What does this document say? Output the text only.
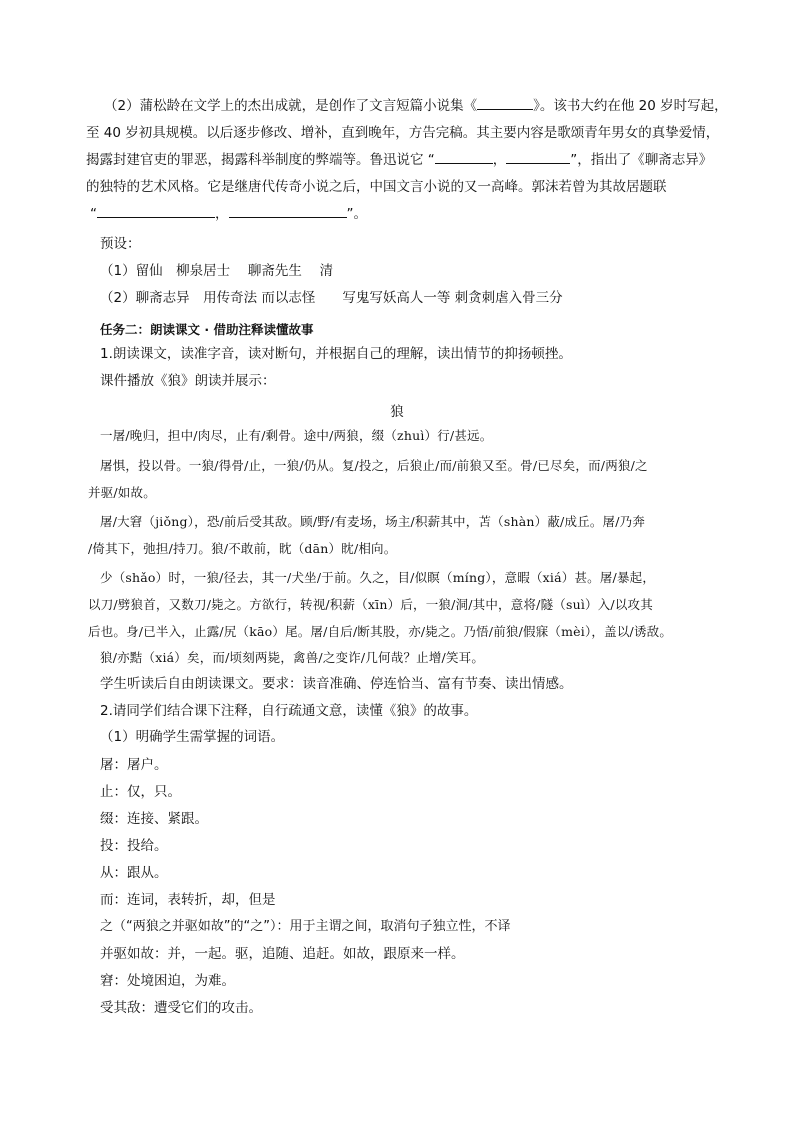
（2）蒲松龄在文学上的杰出成就，是创作了文言短篇小说集《	》。该书大约在他 20 岁时写起，
至 40 岁初具规模。以后逐步修改、增补，直到晚年，方告完稿。其主要内容是歌颂青年男女的真挚爱情，
揭露封建官吏的罪恶，揭露科举制度的弊端等。鲁迅说它 “	，	”，指出了《聊斋志异》
的独特的艺术风格。它是继唐代传奇小说之后，中国文言小说的又一高峰。郭沫若曾为其故居题联
“	，	”。
预设：
（1）留仙　柳泉居士　 聊斋先生　 清
（2）聊斋志异　用传奇法 而以志怪　　写鬼写妖高人一等 刺贪刺虐入骨三分
任务二：朗读课文 · 借助注释读懂故事
1.朗读课文，读准字音，读对断句，并根据自己的理解，读出情节的抑扬顿挫。
课件播放《狼》朗读并展示：
狼
一屠/晚归，担中/肉尽，止有/剩骨。途中/两狼，缀（zhuì）行/甚远。
屠惧，投以骨。一狼/得骨/止，一狼/仍从。复/投之，后狼止/而/前狼又至。骨/已尽矣，而/两狼/之
并驱/如故。
屠/大窘（jiǒng），恐/前后受其敌。顾/野/有麦场，场主/积薪其中，苫（shàn）蔽/成丘。屠/乃奔
/倚其下，弛担/持刀。狼/不敢前，眈（dān）眈/相向。
少（shǎo）时，一狼/径去，其一/犬坐/于前。久之，目/似瞑（míng），意暇（xiá）甚。屠/暴起，
以刀/劈狼首，又数刀/毙之。方欲行，转视/积薪（xīn）后，一狼/洞/其中，意将/隧（suì）入/以攻其
后也。身/已半入，止露/尻（kāo）尾。屠/自后/断其股，亦/毙之。乃悟/前狼/假寐（mèi），盖以/诱敌。
狼/亦黠（xiá）矣，而/顷刻两毙，禽兽/之变诈/几何哉？止增/笑耳。
学生听读后自由朗读课文。要求：读音准确、停连恰当、富有节奏、读出情感。
2.请同学们结合课下注释，自行疏通文意，读懂《狼》的故事。
（1）明确学生需掌握的词语。
屠：屠户。
止：仅，只。
缀：连接、紧跟。
投：投给。
从：跟从。
而：连词，表转折，却，但是
之（“两狼之并驱如故”的“之”）：用于主谓之间，取消句子独立性，不译
并驱如故：并，一起。驱，追随、追赶。如故，跟原来一样。
窘：处境困迫，为难。
受其敌：遭受它们的攻击。
